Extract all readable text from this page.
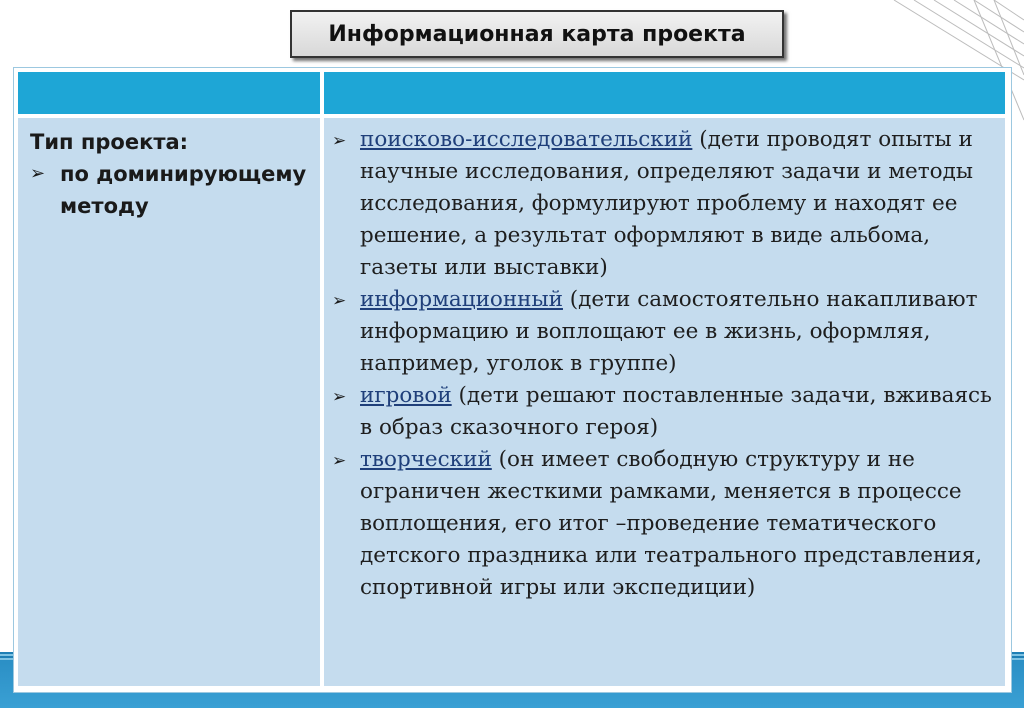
Информационная карта проекта
Тип проекта:
➢ по доминирующему методу
➢ поисково-исследовательский (дети проводят опыты и научные исследования, определяют задачи и методы исследования, формулируют проблему и находят ее решение, а результат оформляют в виде альбома, газеты или выставки)
➢ информационный (дети самостоятельно накапливают информацию и воплощают ее в жизнь, оформляя, например, уголок в группе)
➢ игровой (дети решают поставленные задачи, вживаясь в образ сказочного героя)
➢ творческий (он имеет свободную структуру и не ограничен жесткими рамками, меняется в процессе воплощения, его итог –проведение тематического детского праздника или театрального представления, спортивной игры или экспедиции)
